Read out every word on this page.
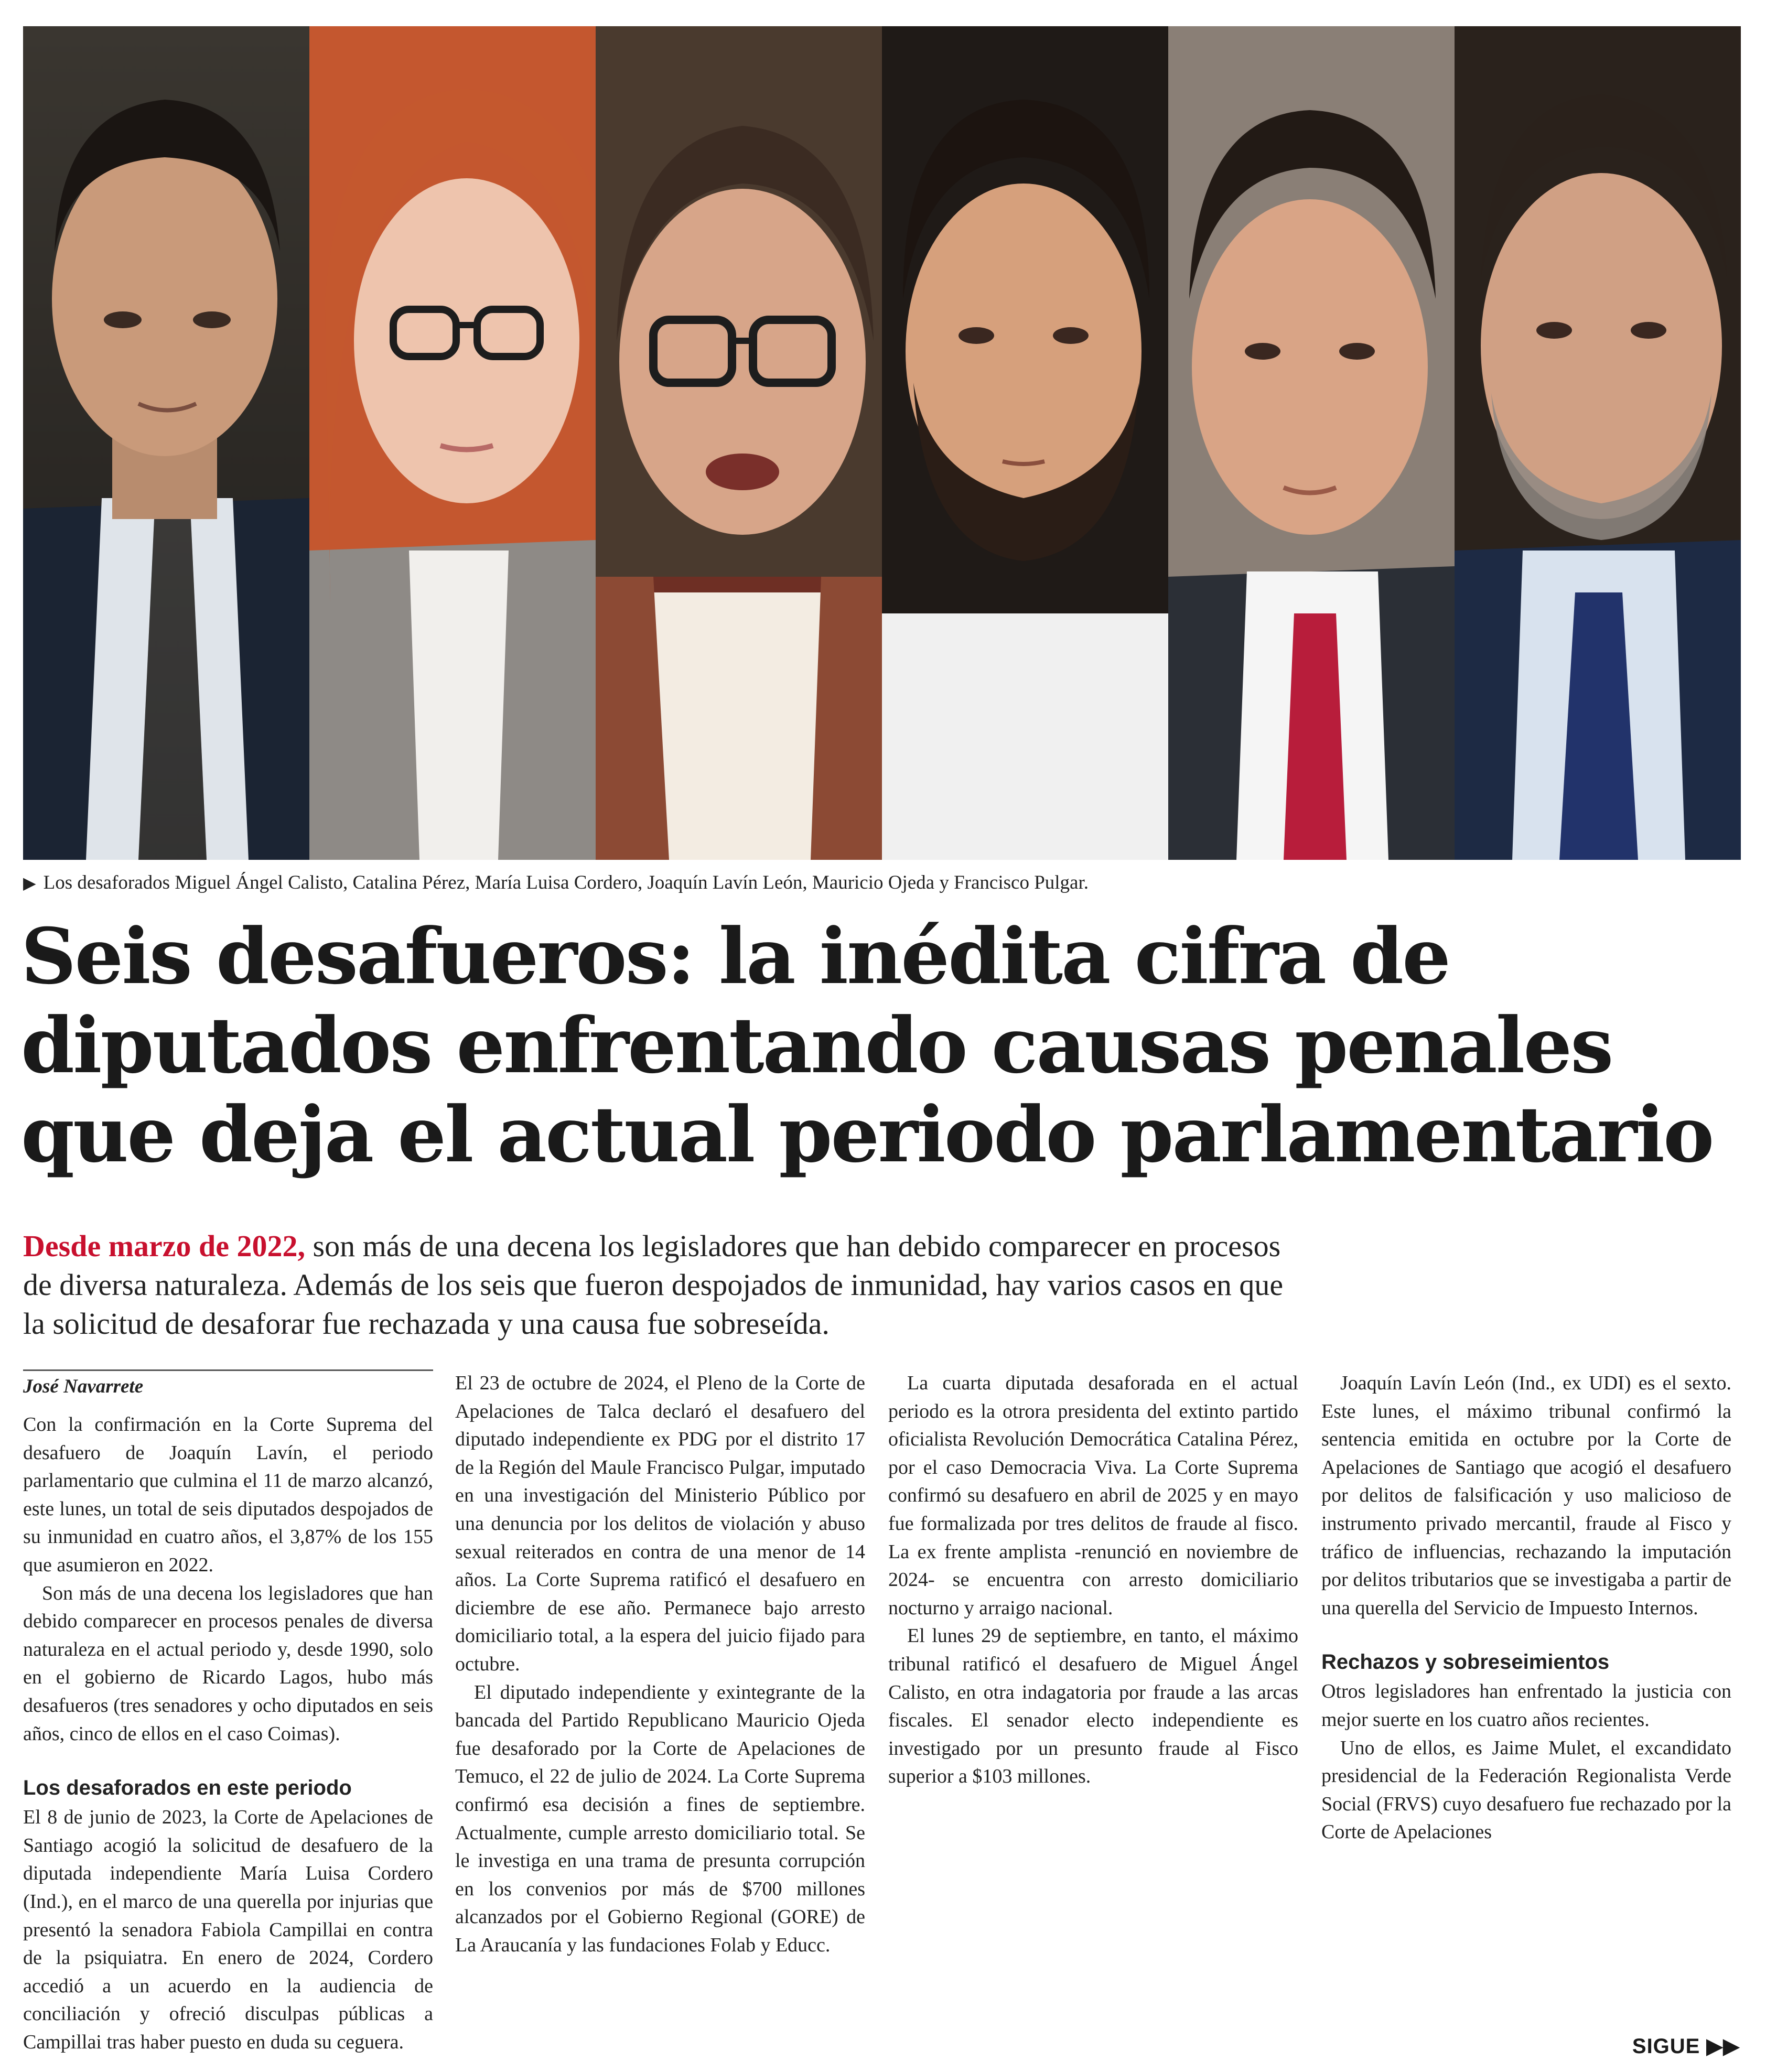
▶ Los desaforados Miguel Ángel Calisto, Catalina Pérez, María Luisa Cordero, Joaquín Lavín León, Mauricio Ojeda y Francisco Pulgar.
Seis desafueros: la inédita cifra de diputados enfrentando causas penales que deja el actual periodo parlamentario

Desde marzo de 2022, son más de una decena los legisladores que han debido comparecer en procesos de diversa naturaleza. Además de los seis que fueron despojados de inmunidad, hay varios casos en que la solicitud de desaforar fue rechazada y una causa fue sobreseída.

José Navarrete

Con la confirmación en la Corte Suprema del desafuero de Joaquín Lavín, el periodo parlamentario que culmina el 11 de marzo alcanzó, este lunes, un total de seis diputados despojados de su inmunidad en cuatro años, el 3,87% de los 155 que asumieron en 2022.

Son más de una decena los legisladores que han debido comparecer en procesos penales de diversa naturaleza en el actual periodo y, desde 1990, solo en el gobierno de Ricardo Lagos, hubo más desafueros (tres senadores y ocho diputados en seis años, cinco de ellos en el caso Coimas).

Los desaforados en este periodo

El 8 de junio de 2023, la Corte de Apelaciones de Santiago acogió la solicitud de desafuero de la diputada independiente María Luisa Cordero (Ind.), en el marco de una querella por injurias que presentó la senadora Fabiola Campillai en contra de la psiquiatra. En enero de 2024, Cordero accedió a un acuerdo en la audiencia de conciliación y ofreció disculpas públicas a Campillai tras haber puesto en duda su ceguera.

El 23 de octubre de 2024, el Pleno de la Corte de Apelaciones de Talca declaró el desafuero del diputado independiente ex PDG por el distrito 17 de la Región del Maule Francisco Pulgar, imputado en una investigación del Ministerio Público por una denuncia por los delitos de violación y abuso sexual reiterados en contra de una menor de 14 años. La Corte Suprema ratificó el desafuero en diciembre de ese año. Permanece bajo arresto domiciliario total, a la espera del juicio fijado para octubre.

El diputado independiente y exintegrante de la bancada del Partido Republicano Mauricio Ojeda fue desaforado por la Corte de Apelaciones de Temuco, el 22 de julio de 2024. La Corte Suprema confirmó esa decisión a fines de septiembre. Actualmente, cumple arresto domiciliario total. Se le investiga en una trama de presunta corrupción en los convenios por más de $700 millones alcanzados por el Gobierno Regional (GORE) de La Araucanía y las fundaciones Folab y Educc.

La cuarta diputada desaforada en el actual periodo es la otrora presidenta del extinto partido oficialista Revolución Democrática Catalina Pérez, por el caso Democracia Viva. La Corte Suprema confirmó su desafuero en abril de 2025 y en mayo fue formalizada por tres delitos de fraude al fisco. La ex frente amplista -renunció en noviembre de 2024- se encuentra con arresto domiciliario nocturno y arraigo nacional.

El lunes 29 de septiembre, en tanto, el máximo tribunal ratificó el desafuero de Miguel Ángel Calisto, en otra indagatoria por fraude a las arcas fiscales. El senador electo independiente es investigado por un presunto fraude al Fisco superior a $103 millones.

Joaquín Lavín León (Ind., ex UDI) es el sexto. Este lunes, el máximo tribunal confirmó la sentencia emitida en octubre por la Corte de Apelaciones de Santiago que acogió el desafuero por delitos de falsificación y uso malicioso de instrumento privado mercantil, fraude al Fisco y tráfico de influencias, rechazando la imputación por delitos tributarios que se investigaba a partir de una querella del Servicio de Impuesto Internos.

Rechazos y sobreseimientos

Otros legisladores han enfrentado la justicia con mejor suerte en los cuatro años recientes.

Uno de ellos, es Jaime Mulet, el excandidato presidencial de la Federación Regionalista Verde Social (FRVS) cuyo desafuero fue rechazado por la Corte de Apelaciones

SIGUE ▶▶
